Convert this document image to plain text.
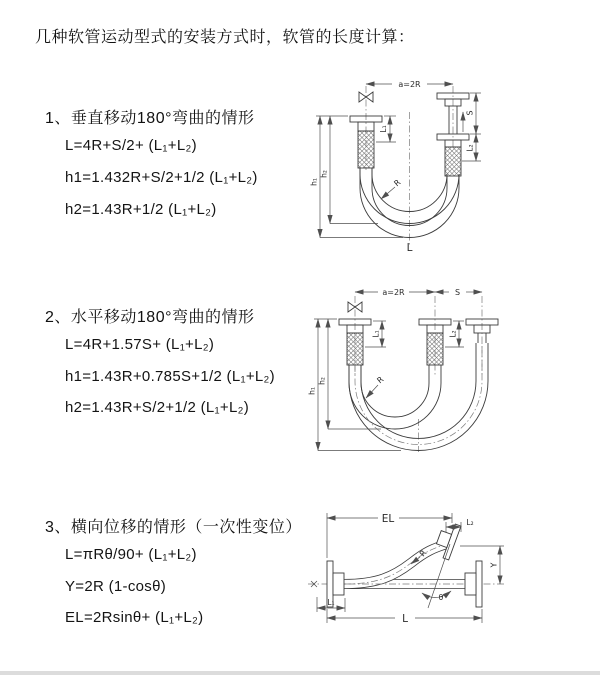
几种软管运动型式的安装方式时，软管的长度计算：
1、垂直移动180°弯曲的情形
L=4R+S/2+ (L₁+L₂)
h1=1.432R+S/2+1/2 (L₁+L₂)
h2=1.43R+1/2 (L₁+L₂)
2、水平移动180°弯曲的情形
L=4R+1.57S+ (L₁+L₂)
h1=1.43R+0.785S+1/2 (L₁+L₂)
h2=1.43R+S/2+1/2 (L₁+L₂)
3、横向位移的情形（一次性变位）
L=πRθ/90+ (L₁+L₂)
Y=2R (1-cosθ)
EL=2Rsinθ+ (L₁+L₂)
a=2R
L₁
S
L₂
h₁
h₂
R
L
a=2R	S
h₁
h₂
L₁	L₂
R
EL	L₂
Y
θ
R
L
L₁
